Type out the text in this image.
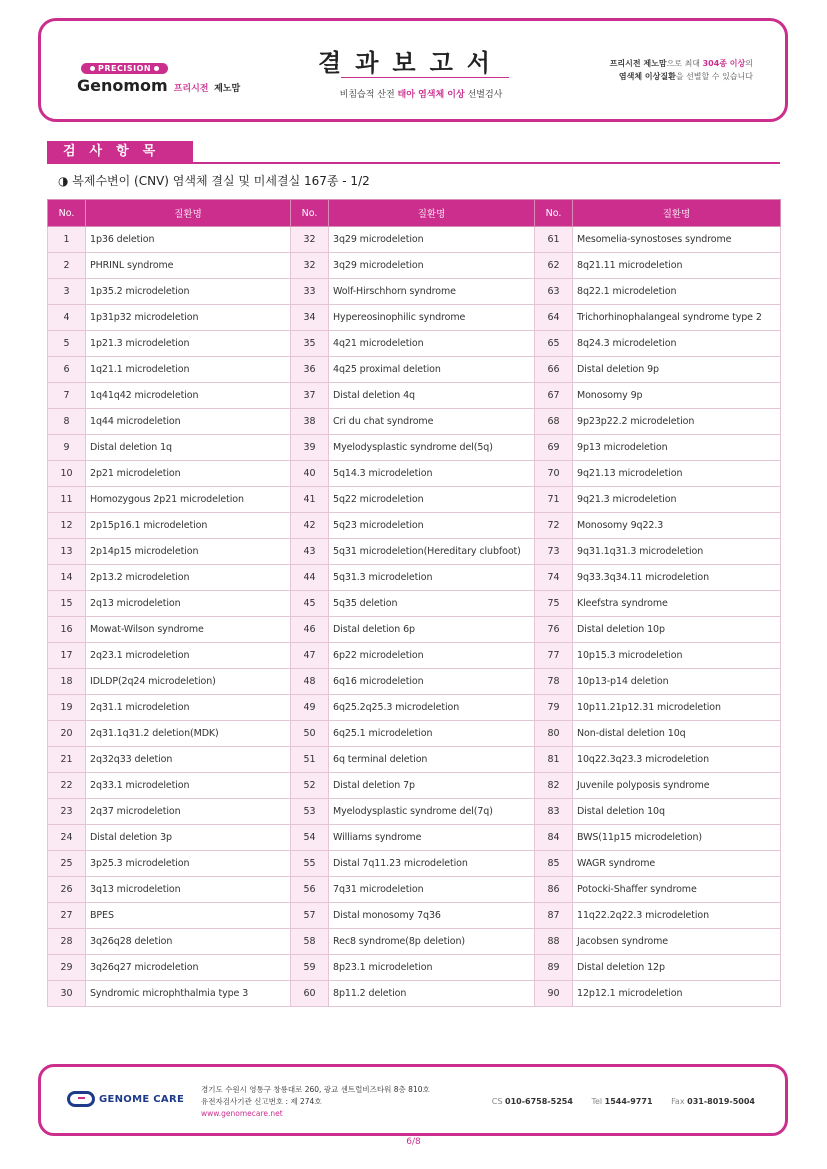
PRECISION
Genomom 프리시전 제노맘
결과보고서
비침습적 산전 태아 염색체 이상 선별검사
프리시전 제노맘으로 최대 304종 이상의
염색체 이상질환을 선별할 수 있습니다
검사항목
◑ 복제수변이 (CNV) 염색체 결실 및 미세결실 167종 - 1/2
No.	질환명	No.	질환명	No.	질환명
1	1p36 deletion	32	3q29 microdeletion	61	Mesomelia-synostoses syndrome
2	PHRINL syndrome	32	3q29 microdeletion	62	8q21.11 microdeletion
3	1p35.2 microdeletion	33	Wolf-Hirschhorn syndrome	63	8q22.1 microdeletion
4	1p31p32 microdeletion	34	Hypereosinophilic syndrome	64	Trichorhinophalangeal syndrome type 2
5	1p21.3 microdeletion	35	4q21 microdeletion	65	8q24.3 microdeletion
6	1q21.1 microdeletion	36	4q25 proximal deletion	66	Distal deletion 9p
7	1q41q42 microdeletion	37	Distal deletion 4q	67	Monosomy 9p
8	1q44 microdeletion	38	Cri du chat syndrome	68	9p23p22.2 microdeletion
9	Distal deletion 1q	39	Myelodysplastic syndrome del(5q)	69	9p13 microdeletion
10	2p21 microdeletion	40	5q14.3 microdeletion	70	9q21.13 microdeletion
11	Homozygous 2p21 microdeletion	41	5q22 microdeletion	71	9q21.3 microdeletion
12	2p15p16.1 microdeletion	42	5q23 microdeletion	72	Monosomy 9q22.3
13	2p14p15 microdeletion	43	5q31 microdeletion(Hereditary clubfoot)	73	9q31.1q31.3 microdeletion
14	2p13.2 microdeletion	44	5q31.3 microdeletion	74	9q33.3q34.11 microdeletion
15	2q13 microdeletion	45	5q35 deletion	75	Kleefstra syndrome
16	Mowat-Wilson syndrome	46	Distal deletion 6p	76	Distal deletion 10p
17	2q23.1 microdeletion	47	6p22 microdeletion	77	10p15.3 microdeletion
18	IDLDP(2q24 microdeletion)	48	6q16 microdeletion	78	10p13-p14 deletion
19	2q31.1 microdeletion	49	6q25.2q25.3 microdeletion	79	10p11.21p12.31 microdeletion
20	2q31.1q31.2 deletion(MDK)	50	6q25.1 microdeletion	80	Non-distal deletion 10q
21	2q32q33 deletion	51	6q terminal deletion	81	10q22.3q23.3 microdeletion
22	2q33.1 microdeletion	52	Distal deletion 7p	82	Juvenile polyposis syndrome
23	2q37 microdeletion	53	Myelodysplastic syndrome del(7q)	83	Distal deletion 10q
24	Distal deletion 3p	54	Williams syndrome	84	BWS(11p15 microdeletion)
25	3p25.3 microdeletion	55	Distal 7q11.23 microdeletion	85	WAGR syndrome
26	3q13 microdeletion	56	7q31 microdeletion	86	Potocki-Shaffer syndrome
27	BPES	57	Distal monosomy 7q36	87	11q22.2q22.3 microdeletion
28	3q26q28 deletion	58	Rec8 syndrome(8p deletion)	88	Jacobsen syndrome
29	3q26q27 microdeletion	59	8p23.1 microdeletion	89	Distal deletion 12p
30	Syndromic microphthalmia type 3	60	8p11.2 deletion	90	12p12.1 microdeletion
GENOME CARE
경기도 수원시 영통구 창룡대로 260, 광교 센트럴비즈타워 8층 810호
유전자검사기관 신고번호 : 제 274호
www.genomecare.net
CS 010-6758-5254 Tel 1544-9771 Fax 031-8019-5004
6/8
